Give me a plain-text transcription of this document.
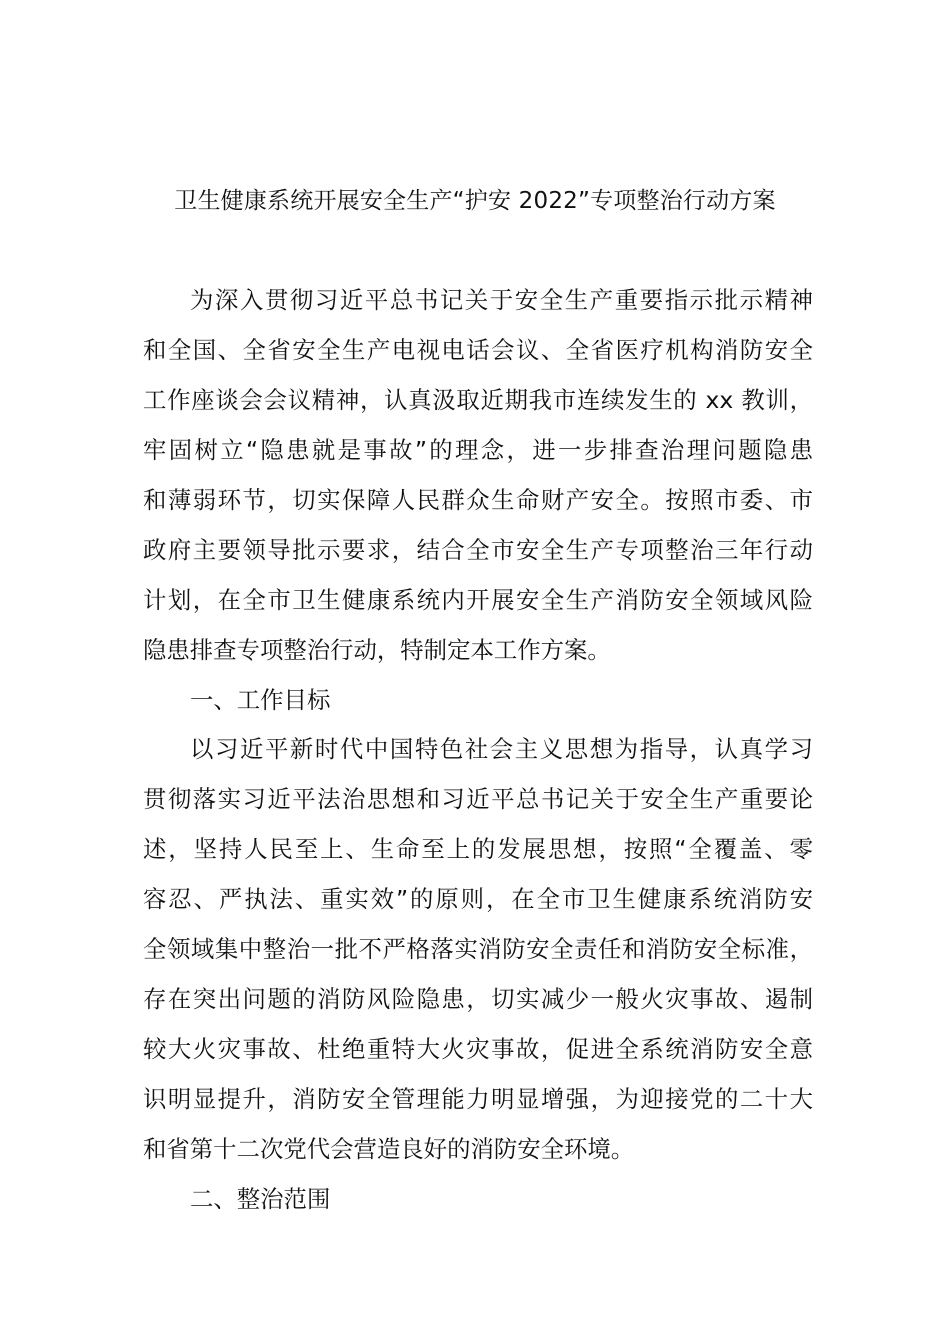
卫生健康系统开展安全生产“护安 2022”专项整治行动方案
为深入贯彻习近平总书记关于安全生产重要指示批示精神
和全国、全省安全生产电视电话会议、全省医疗机构消防安全
工作座谈会会议精神，认真汲取近期我市连续发生的 xx 教训，
牢固树立“隐患就是事故”的理念，进一步排查治理问题隐患
和薄弱环节，切实保障人民群众生命财产安全。按照市委、市
政府主要领导批示要求，结合全市安全生产专项整治三年行动
计划，在全市卫生健康系统内开展安全生产消防安全领域风险
隐患排查专项整治行动，特制定本工作方案。
一、工作目标
以习近平新时代中国特色社会主义思想为指导，认真学习
贯彻落实习近平法治思想和习近平总书记关于安全生产重要论
述，坚持人民至上、生命至上的发展思想，按照“全覆盖、零
容忍、严执法、重实效”的原则，在全市卫生健康系统消防安
全领域集中整治一批不严格落实消防安全责任和消防安全标准，
存在突出问题的消防风险隐患，切实减少一般火灾事故、遏制
较大火灾事故、杜绝重特大火灾事故，促进全系统消防安全意
识明显提升，消防安全管理能力明显增强，为迎接党的二十大
和省第十二次党代会营造良好的消防安全环境。
二、整治范围
